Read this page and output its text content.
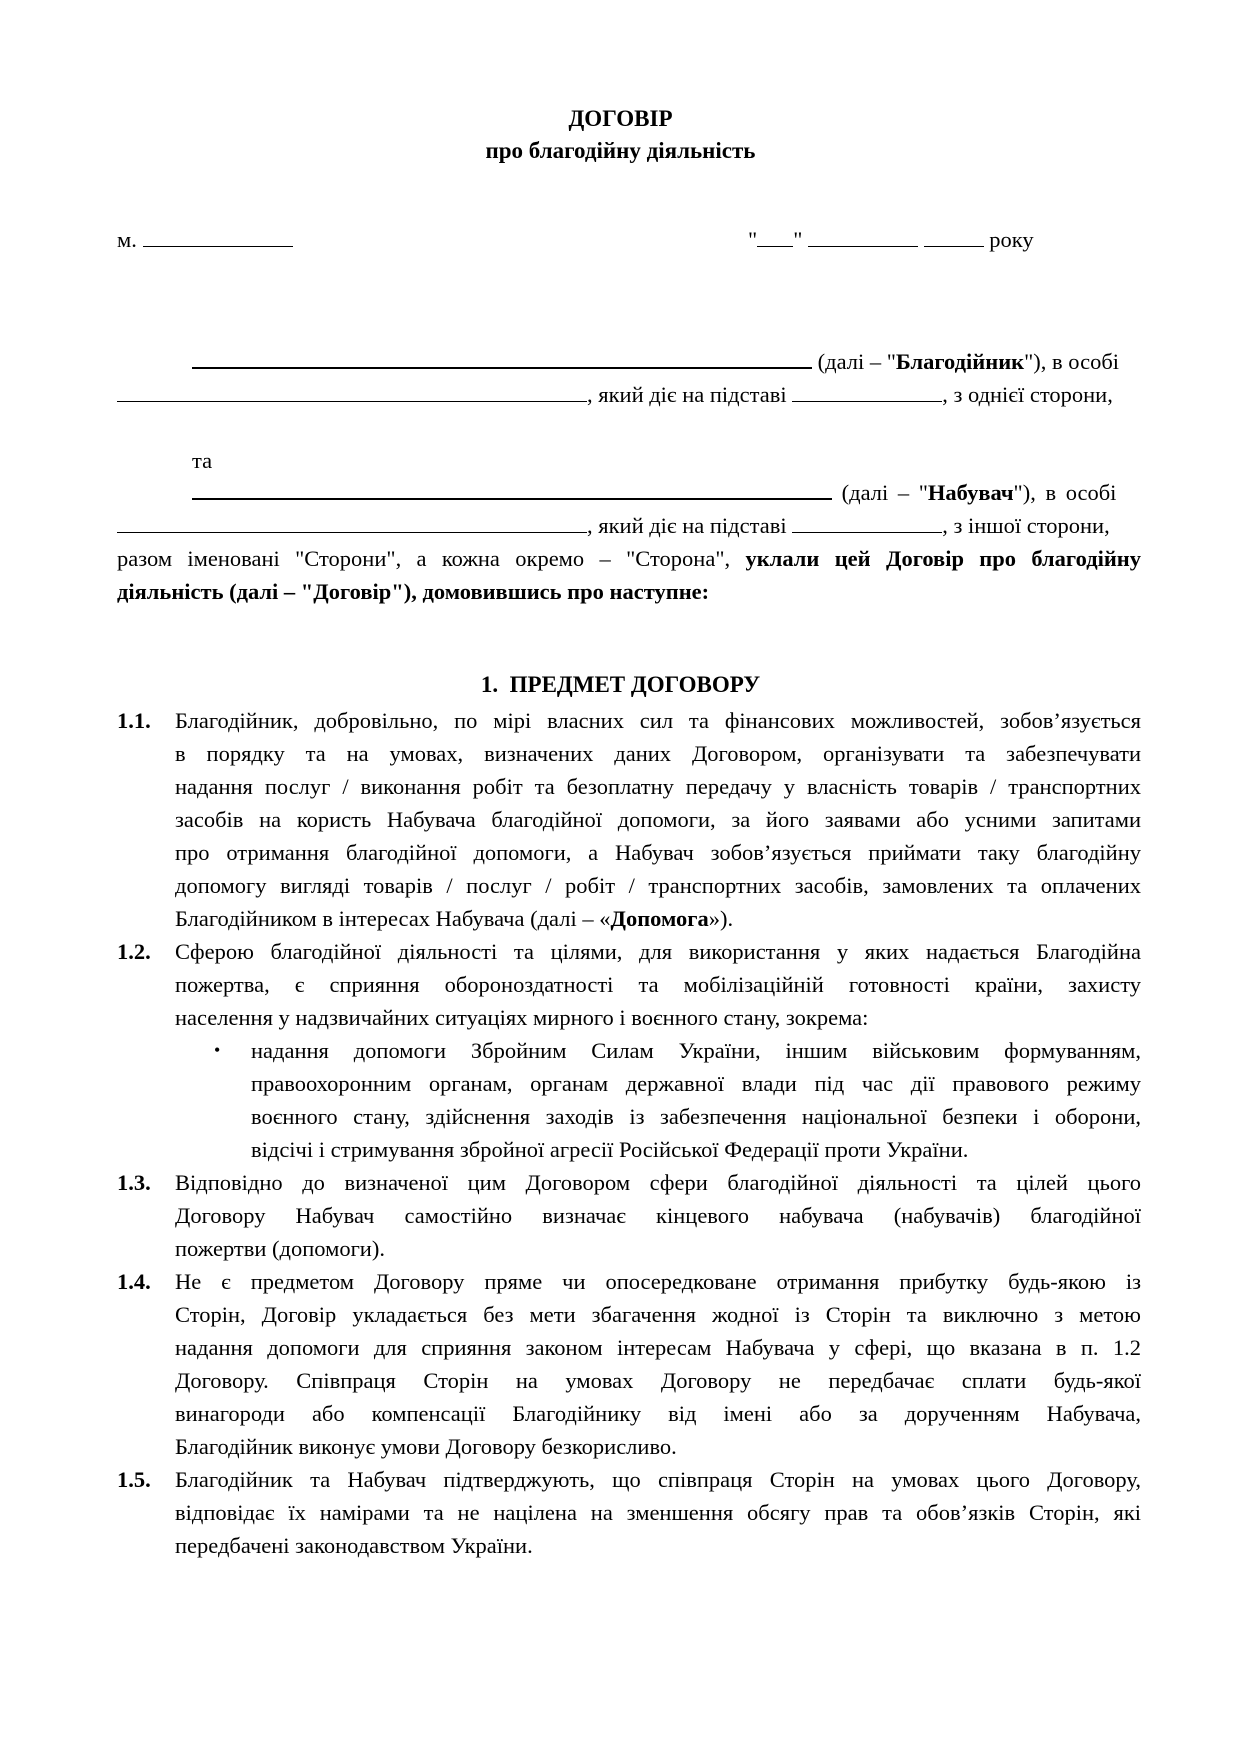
ДОГОВІР
про благодійну діяльність
м.	" "	року
(далі – "Благодійник"), в особі
, який діє на підставі	, з однієї сторони,
та
(далі – "Набувач"), в особі
, який діє на підставі	, з іншої сторони,
разом іменовані "Сторони", а кожна окремо – "Сторона", уклали цей Договір про благодійну
діяльність (далі – "Договір"), домовившись про наступне:
1. ПРЕДМЕТ ДОГОВОРУ
1.1. Благодійник, добровільно, по мірі власних сил та фінансових можливостей, зобов’язується
в порядку та на умовах, визначених даних Договором, організувати та забезпечувати
надання послуг / виконання робіт та безоплатну передачу у власність товарів / транспортних
засобів на користь Набувача благодійної допомоги, за його заявами або усними запитами
про отримання благодійної допомоги, а Набувач зобов’язується приймати таку благодійну
допомогу вигляді товарів / послуг / робіт / транспортних засобів, замовлених та оплачених
Благодійником в інтересах Набувача (далі – «Допомога»).
1.2. Сферою благодійної діяльності та цілями, для використання у яких надається Благодійна
пожертва, є сприяння обороноздатності та мобілізаційній готовності країни, захисту
населення у надзвичайних ситуаціях мирного і воєнного стану, зокрема:
• надання допомоги Збройним Силам України, іншим військовим формуванням,
правоохоронним органам, органам державної влади під час дії правового режиму
воєнного стану, здійснення заходів із забезпечення національної безпеки і оборони,
відсічі і стримування збройної агресії Російської Федерації проти України.
1.3. Відповідно до визначеної цим Договором сфери благодійної діяльності та цілей цього
Договору Набувач самостійно визначає кінцевого набувача (набувачів) благодійної
пожертви (допомоги).
1.4. Не є предметом Договору пряме чи опосередковане отримання прибутку будь-якою із
Сторін, Договір укладається без мети збагачення жодної із Сторін та виключно з метою
надання допомоги для сприяння законом інтересам Набувача у сфері, що вказана в п. 1.2
Договору. Співпраця Сторін на умовах Договору не передбачає сплати будь-якої
винагороди або компенсації Благодійнику від імені або за дорученням Набувача,
Благодійник виконує умови Договору безкорисливо.
1.5. Благодійник та Набувач підтверджують, що співпраця Сторін на умовах цього Договору,
відповідає їх намірами та не націлена на зменшення обсягу прав та обов’язків Сторін, які
передбачені законодавством України.
